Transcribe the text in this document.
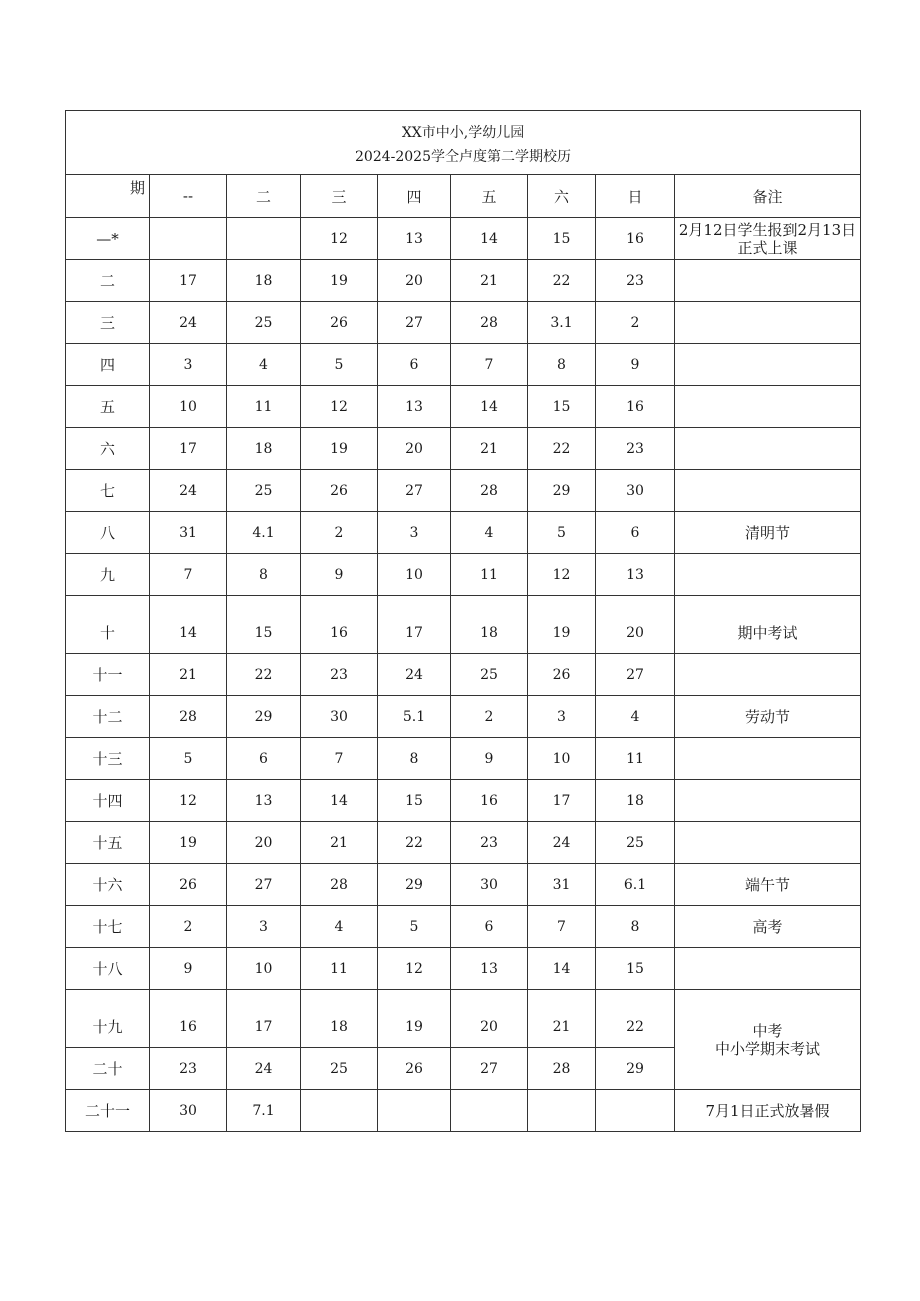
XX市中小,学幼儿园
2024-2025学仝卢度第二学期校历								

期	--	二	三	四	五	六	日	备注
—*			12	13	14	15	16	2月12日学生报到2月13日正式上课
二	17	18	19	20	21	22	23	
三	24	25	26	27	28	3.1	2	
四	3	4	5	6	7	8	9	
五	10	11	12	13	14	15	16	
六	17	18	19	20	21	22	23	
七	24	25	26	27	28	29	30	
八	31	4.1	2	3	4	5	6	清明节
九	7	8	9	10	11	12	13	
十	14	15	16	17	18	19	20	期中考试
十一	21	22	23	24	25	26	27	
十二	28	29	30	5.1	2	3	4	劳动节
十三	5	6	7	8	9	10	11	
十四	12	13	14	15	16	17	18	
十五	19	20	21	22	23	24	25	
十六	26	27	28	29	30	31	6.1	端午节
十七	2	3	4	5	6	7	8	高考
十八	9	10	11	12	13	14	15	
十九	16	17	18	19	20	21	22	中考
中小学期末考试

二十	23	24	25	26	27	28	29	
二十一	30	7.1						7月1日正式放暑假
